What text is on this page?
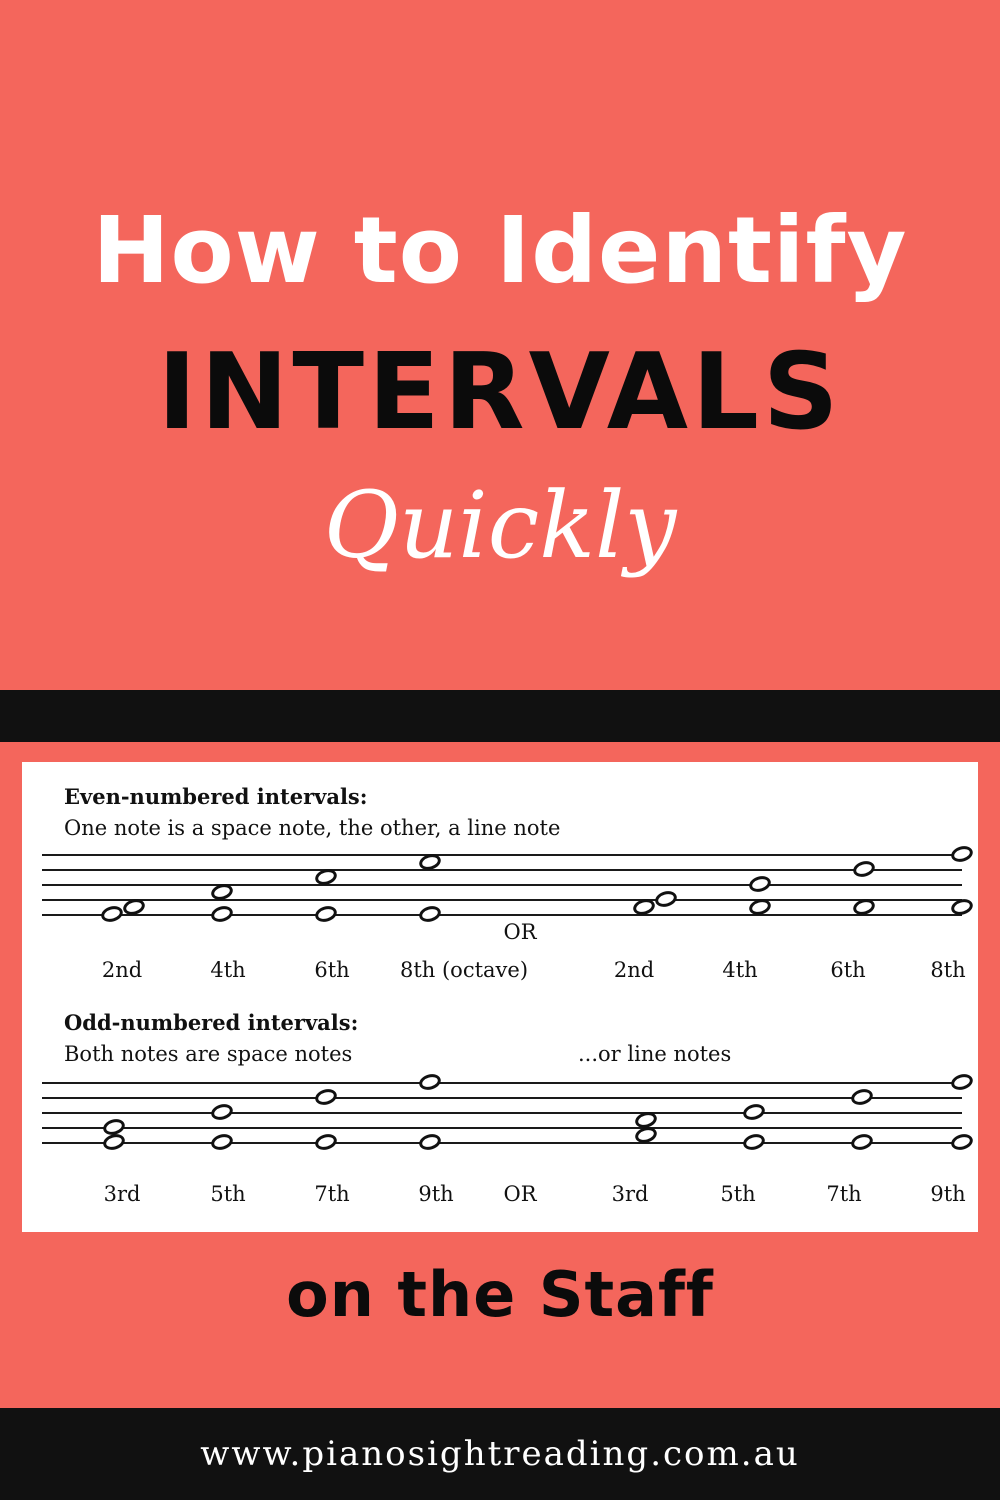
How to Identify
INTERVALS
Quickly
Even-numbered intervals:
One note is a space note, the other, a line note
OR
2nd	4th	6th 8th (octave)	2nd	4th	6th	8th
Odd-numbered intervals:
Both notes are space notes	...or line notes
3rd	5th	7th	9th OR	3rd	5th	7th	9th
on the Staff
www.pianosightreading.com.au
